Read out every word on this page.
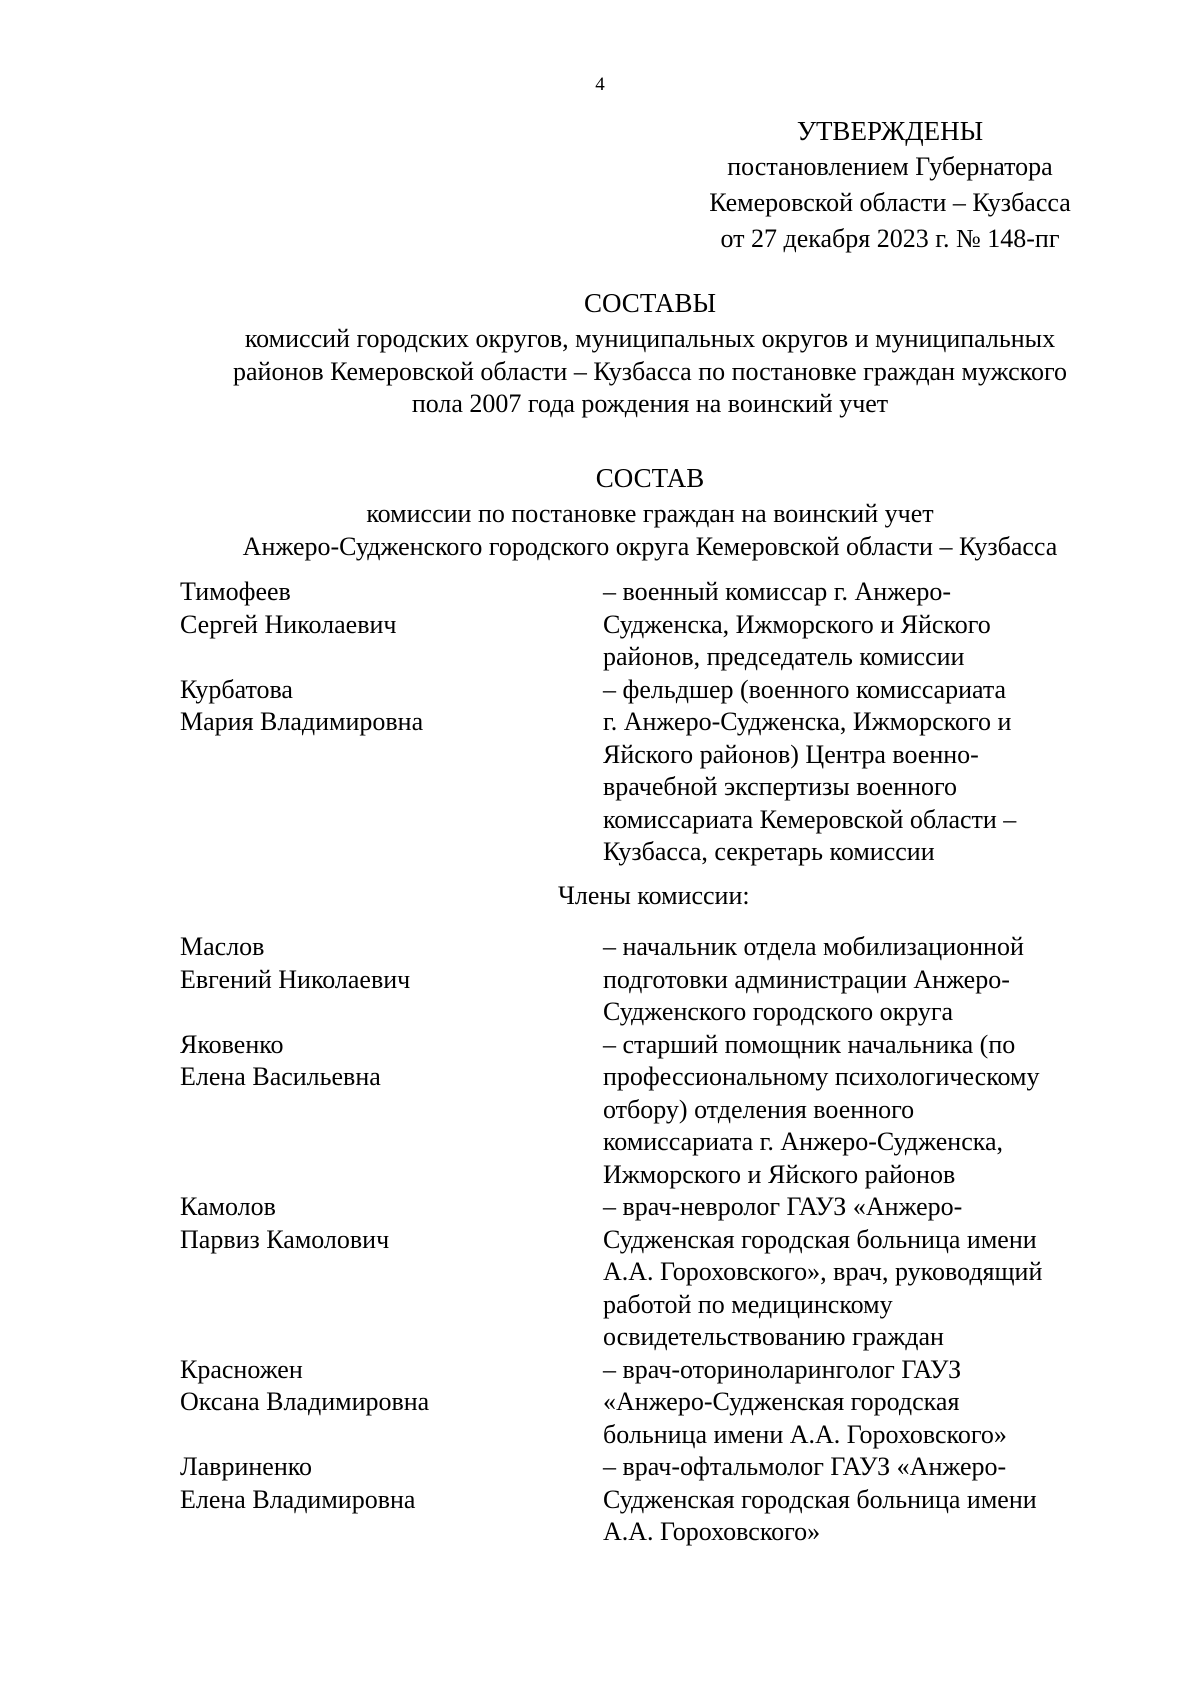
4
УТВЕРЖДЕНЫ
постановлением Губернатора
Кемеровской области – Кузбасса
от 27 декабря 2023 г. № 148-пг
СОСТАВЫ
комиссий городских округов, муниципальных округов и муниципальных
районов Кемеровской области – Кузбасса по постановке граждан мужского
пола 2007 года рождения на воинский учет
СОСТАВ
комиссии по постановке граждан на воинский учет
Анжеро-Судженского городского округа Кемеровской области – Кузбасса
Тимофеев
Сергей Николаевич
– военный комиссар г. Анжеро-
Судженска, Ижморского и Яйского
районов, председатель комиссии
Курбатова
Мария Владимировна
– фельдшер (военного комиссариата
г. Анжеро-Судженска, Ижморского и
Яйского районов) Центра военно-
врачебной экспертизы военного
комиссариата Кемеровской области –
Кузбасса, секретарь комиссии
Члены комиссии:
Маслов
Евгений Николаевич
– начальник отдела мобилизационной
подготовки администрации Анжеро-
Судженского городского округа
Яковенко
Елена Васильевна
– старший помощник начальника (по
профессиональному психологическому
отбору) отделения военного
комиссариата г. Анжеро-Судженска,
Ижморского и Яйского районов
Камолов
Парвиз Камолович
– врач-невролог ГАУЗ «Анжеро-
Судженская городская больница имени
А.А. Гороховского», врач, руководящий
работой по медицинскому
освидетельствованию граждан
Красножен
Оксана Владимировна
– врач-оториноларинголог ГАУЗ
«Анжеро-Судженская городская
больница имени А.А. Гороховского»
Лавриненко
Елена Владимировна
– врач-офтальмолог ГАУЗ «Анжеро-
Судженская городская больница имени
А.А. Гороховского»
